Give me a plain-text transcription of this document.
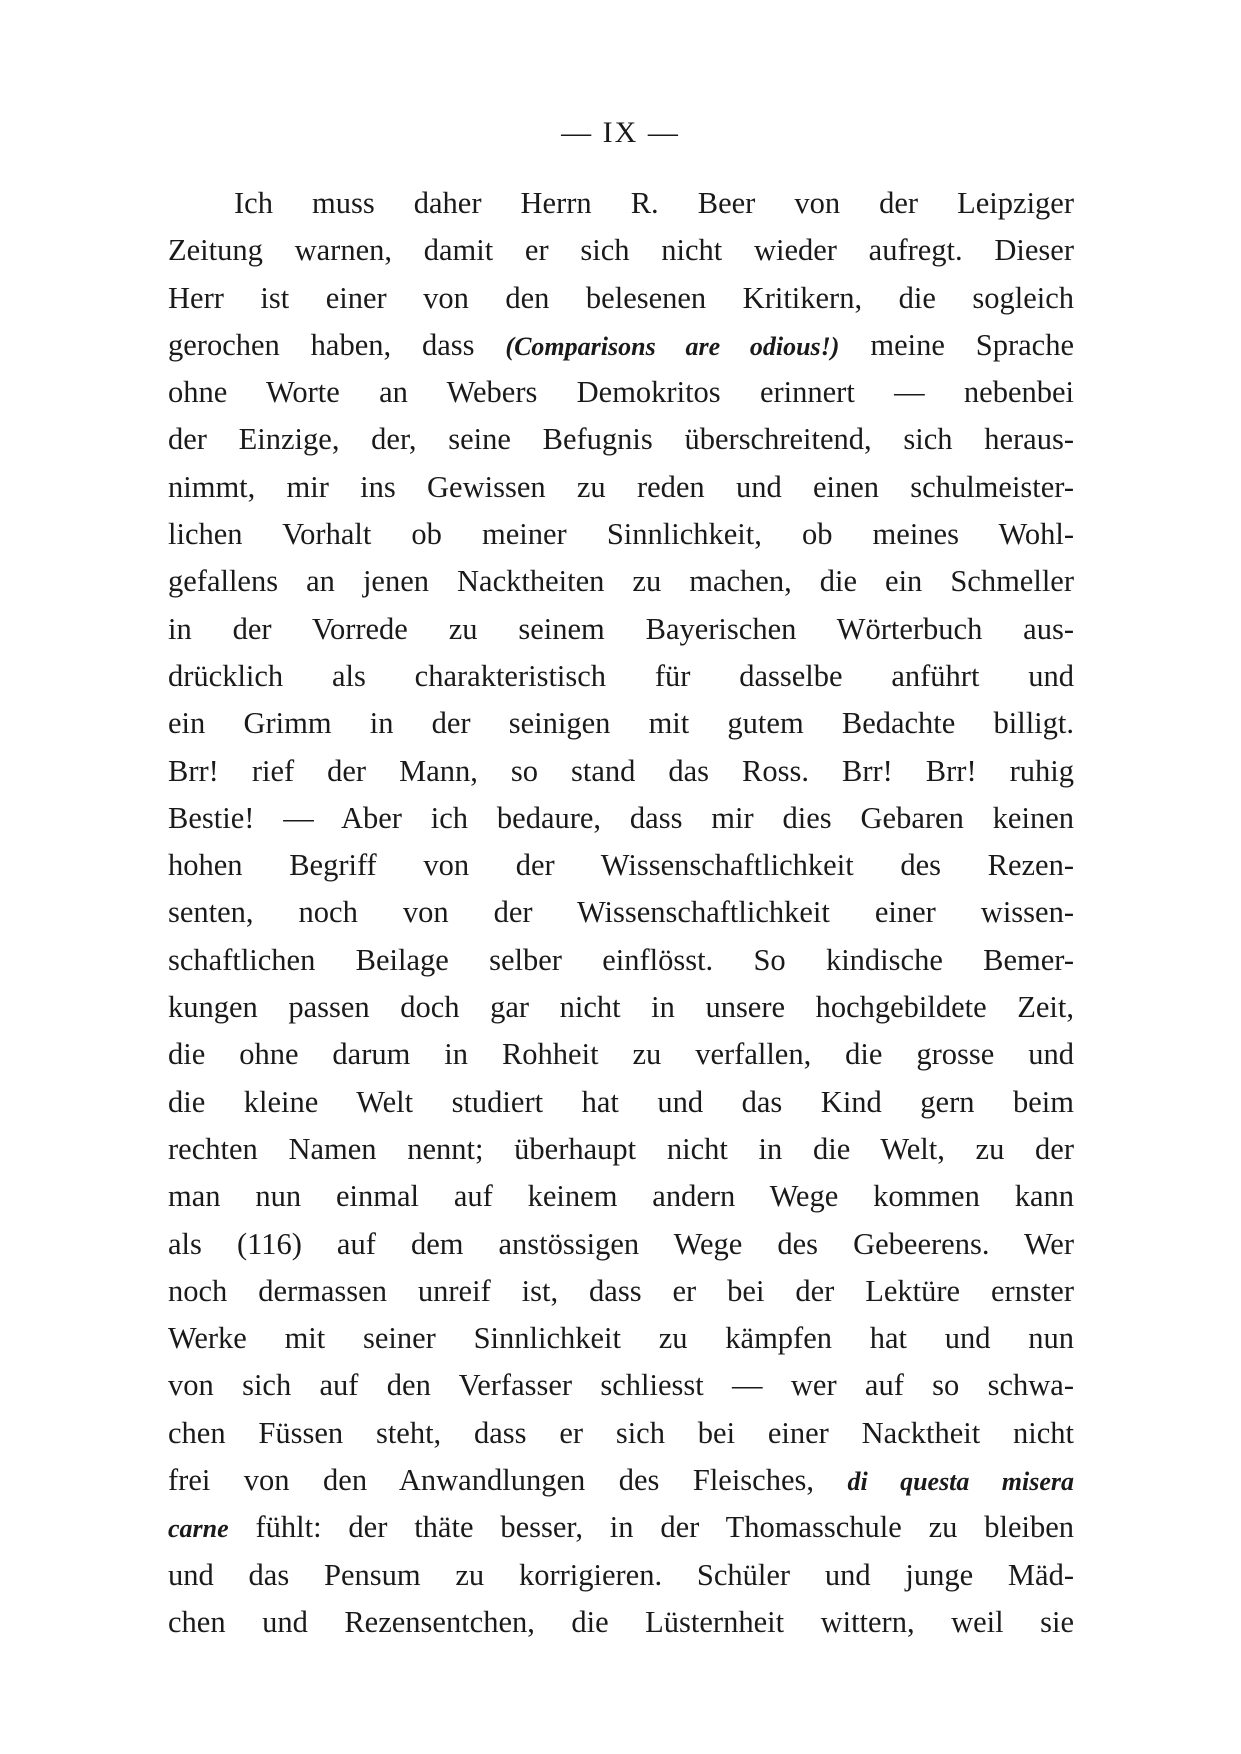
— IX —
Ich muss daher Herrn R. Beer von der Leipziger
Zeitung warnen, damit er sich nicht wieder aufregt. Dieser
Herr ist einer von den belesenen Kritikern, die sogleich
gerochen haben, dass (Comparisons are odious!) meine Sprache
ohne Worte an Webers Demokritos erinnert — nebenbei
der Einzige, der, seine Befugnis überschreitend, sich heraus-
nimmt, mir ins Gewissen zu reden und einen schulmeister-
lichen Vorhalt ob meiner Sinnlichkeit, ob meines Wohl-
gefallens an jenen Nacktheiten zu machen, die ein Schmeller
in der Vorrede zu seinem Bayerischen Wörterbuch aus-
drücklich als charakteristisch für dasselbe anführt und
ein Grimm in der seinigen mit gutem Bedachte billigt.
Brr! rief der Mann, so stand das Ross. Brr! Brr! ruhig
Bestie! — Aber ich bedaure, dass mir dies Gebaren keinen
hohen Begriff von der Wissenschaftlichkeit des Rezen-
senten, noch von der Wissenschaftlichkeit einer wissen-
schaftlichen Beilage selber einflösst. So kindische Bemer-
kungen passen doch gar nicht in unsere hochgebildete Zeit,
die ohne darum in Rohheit zu verfallen, die grosse und
die kleine Welt studiert hat und das Kind gern beim
rechten Namen nennt; überhaupt nicht in die Welt, zu der
man nun einmal auf keinem andern Wege kommen kann
als (116) auf dem anstössigen Wege des Gebeerens. Wer
noch dermassen unreif ist, dass er bei der Lektüre ernster
Werke mit seiner Sinnlichkeit zu kämpfen hat und nun
von sich auf den Verfasser schliesst — wer auf so schwa-
chen Füssen steht, dass er sich bei einer Nacktheit nicht
frei von den Anwandlungen des Fleisches, di questa misera
carne fühlt: der thäte besser, in der Thomasschule zu bleiben
und das Pensum zu korrigieren. Schüler und junge Mäd-
chen und Rezensentchen, die Lüsternheit wittern, weil sie
